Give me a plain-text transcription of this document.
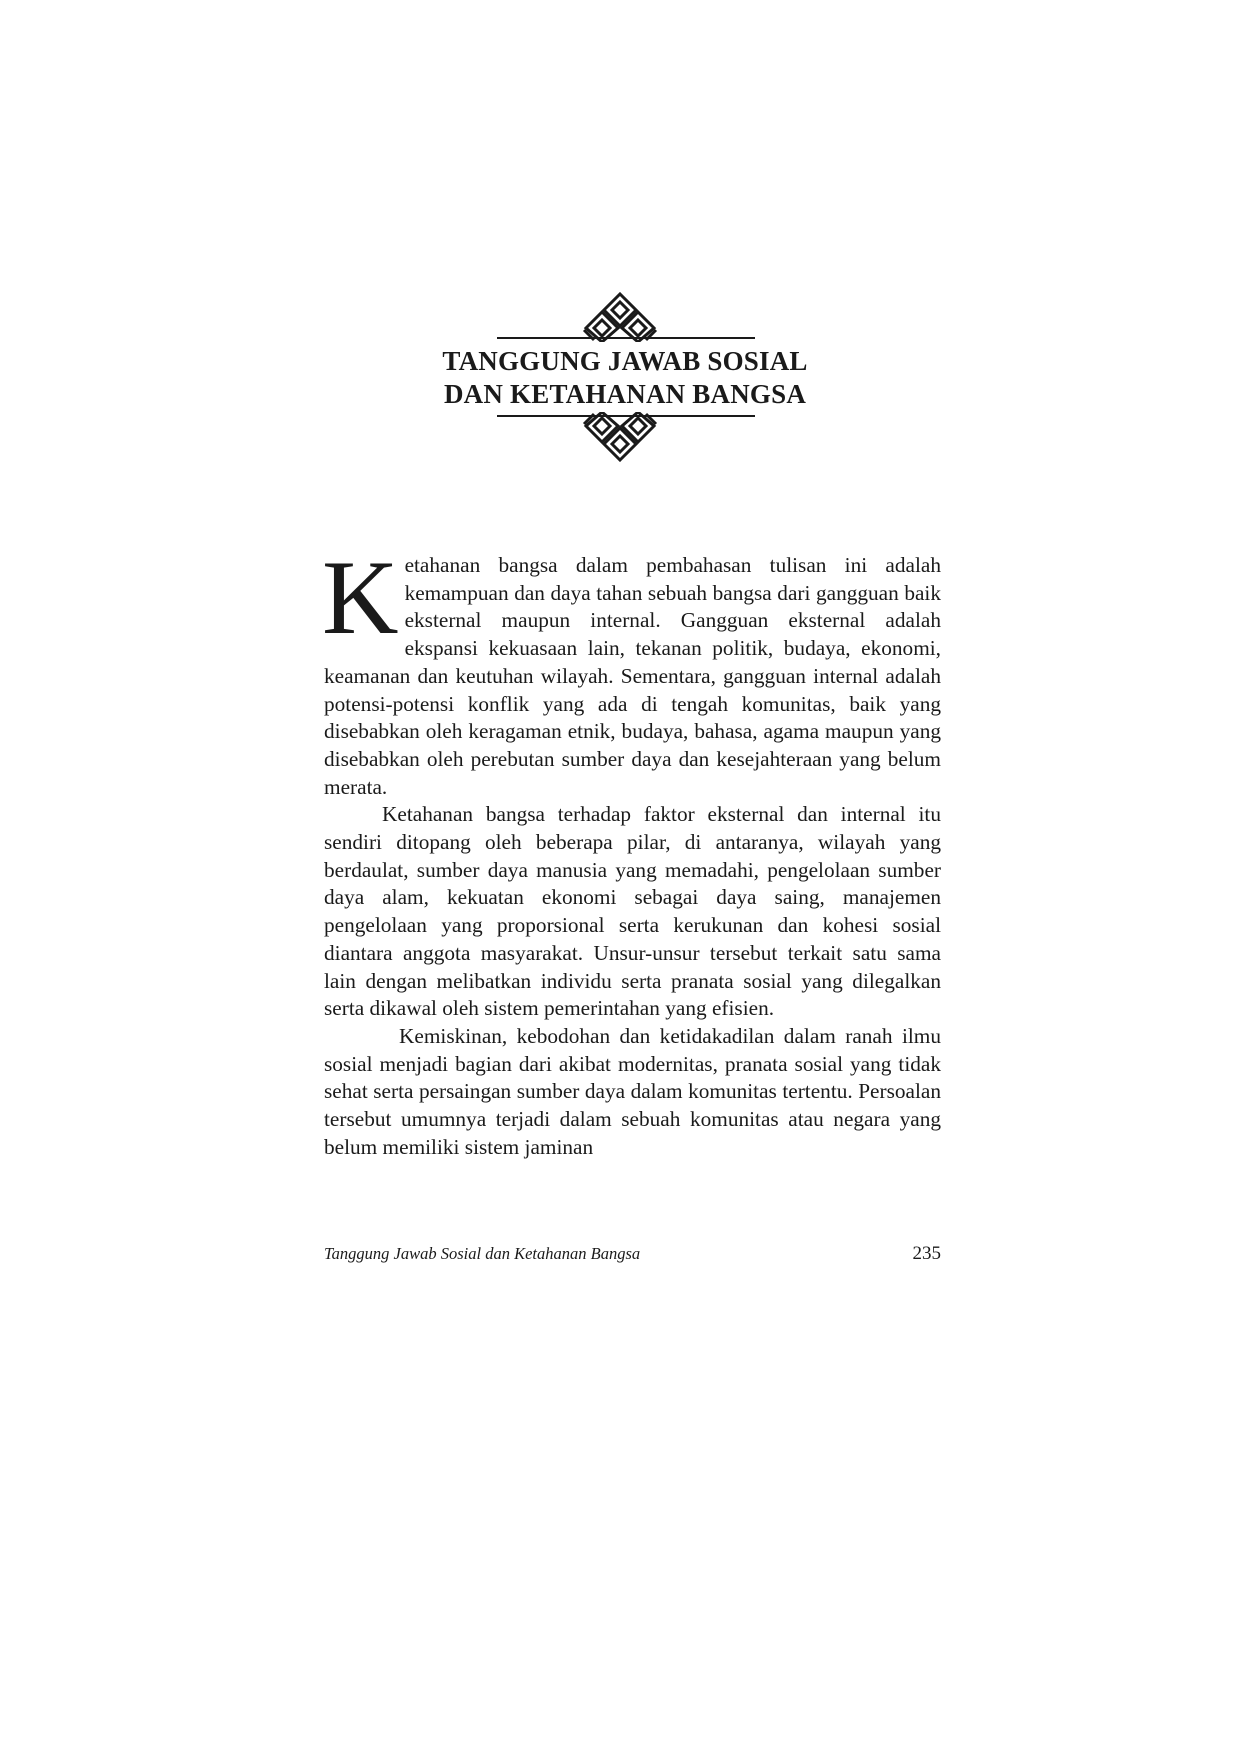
TANGGUNG JAWAB SOSIAL
DAN KETAHANAN BANGSA

Ketahanan bangsa dalam pembahasan tulisan ini adalah kemampuan dan daya tahan sebuah bangsa dari gangguan baik eksternal maupun internal. Gangguan eksternal adalah ekspansi kekuasaan lain, tekanan politik, budaya, ekonomi, keamanan dan keutuhan wilayah. Sementara, gangguan internal adalah potensi-potensi konflik yang ada di tengah komunitas, baik yang disebabkan oleh keragaman etnik, budaya, bahasa, agama maupun yang disebabkan oleh perebutan sumber daya dan kesejahteraan yang belum merata.

Ketahanan bangsa terhadap faktor eksternal dan internal itu sendiri ditopang oleh beberapa pilar, di antaranya, wilayah yang berdaulat, sumber daya manusia yang memadahi, pengelolaan sumber daya alam, kekuatan ekonomi sebagai daya saing, manajemen pengelolaan yang proporsional serta kerukunan dan kohesi sosial diantara anggota masyarakat. Unsur-unsur tersebut terkait satu sama lain dengan melibatkan individu serta pranata sosial yang dilegalkan serta dikawal oleh sistem pemerintahan yang efisien.

Kemiskinan, kebodohan dan ketidakadilan dalam ranah ilmu sosial menjadi bagian dari akibat modernitas, pranata sosial yang tidak sehat serta persaingan sumber daya dalam komunitas tertentu. Persoalan tersebut umumnya terjadi dalam sebuah komunitas atau negara yang belum memiliki sistem jaminan

Tanggung Jawab Sosial dan Ketahanan Bangsa	235
